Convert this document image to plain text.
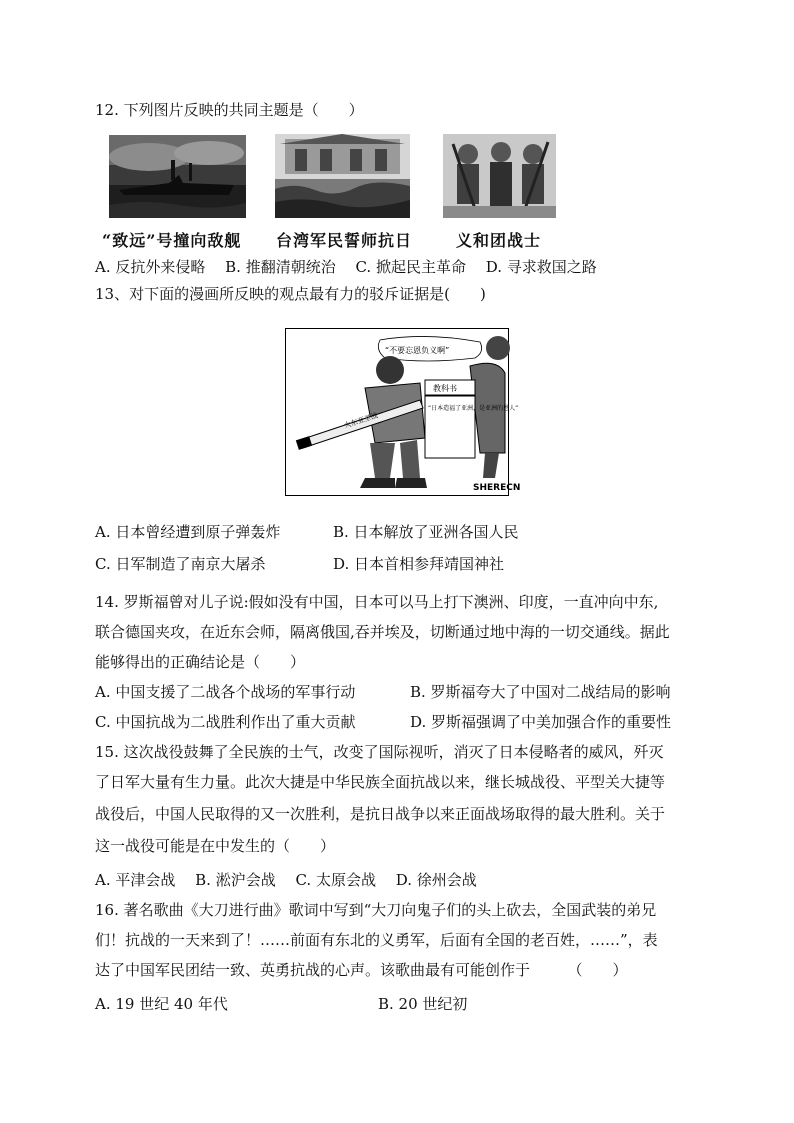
12. 下列图片反映的共同主题是（　　）
“致远”号撞向敌舰 台湾军民誓师抗日	义和团战士
A. 反抗外来侵略　 B. 推翻清朝统治　 C. 掀起民主革命　 D. 寻求救国之路
13、对下面的漫画所反映的观点最有力的驳斥证据是(　　)
“不要忘恩负义啊”
大东亚圣战
教科书
“日本造福了亚洲，是亚洲的恩人”
SHERECN
A. 日本曾经遭到原子弹轰炸	B. 日本解放了亚洲各国人民
C. 日军制造了南京大屠杀	D. 日本首相参拜靖国神社
14. 罗斯福曾对儿子说:假如没有中国，日本可以马上打下澳洲、印度，一直冲向中东,
联合德国夹攻，在近东会师，隔离俄国,吞并埃及，切断通过地中海的一切交通线。据此
能够得出的正确结论是（　　）
A. 中国支援了二战各个战场的军事行动	B. 罗斯福夸大了中国对二战结局的影响
C. 中国抗战为二战胜利作出了重大贡献	D. 罗斯福强调了中美加强合作的重要性
15. 这次战役鼓舞了全民族的士气，改变了国际视听，消灭了日本侵略者的威风，歼灭
了日军大量有生力量。此次大捷是中华民族全面抗战以来，继长城战役、平型关大捷等
战役后，中国人民取得的又一次胜利，是抗日战争以来正面战场取得的最大胜利。关于
这一战役可能是在中发生的（　　）
A. 平津会战　 B. 淞沪会战　 C. 太原会战　 D. 徐州会战
16. 著名歌曲《大刀进行曲》歌词中写到“大刀向鬼子们的头上砍去，全国武装的弟兄
们！抗战的一天来到了！……前面有东北的义勇军，后面有全国的老百姓，……”，表
达了中国军民团结一致、英勇抗战的心声。该歌曲最有可能创作于　　　（　　）
A. 19 世纪 40 年代	B. 20 世纪初
